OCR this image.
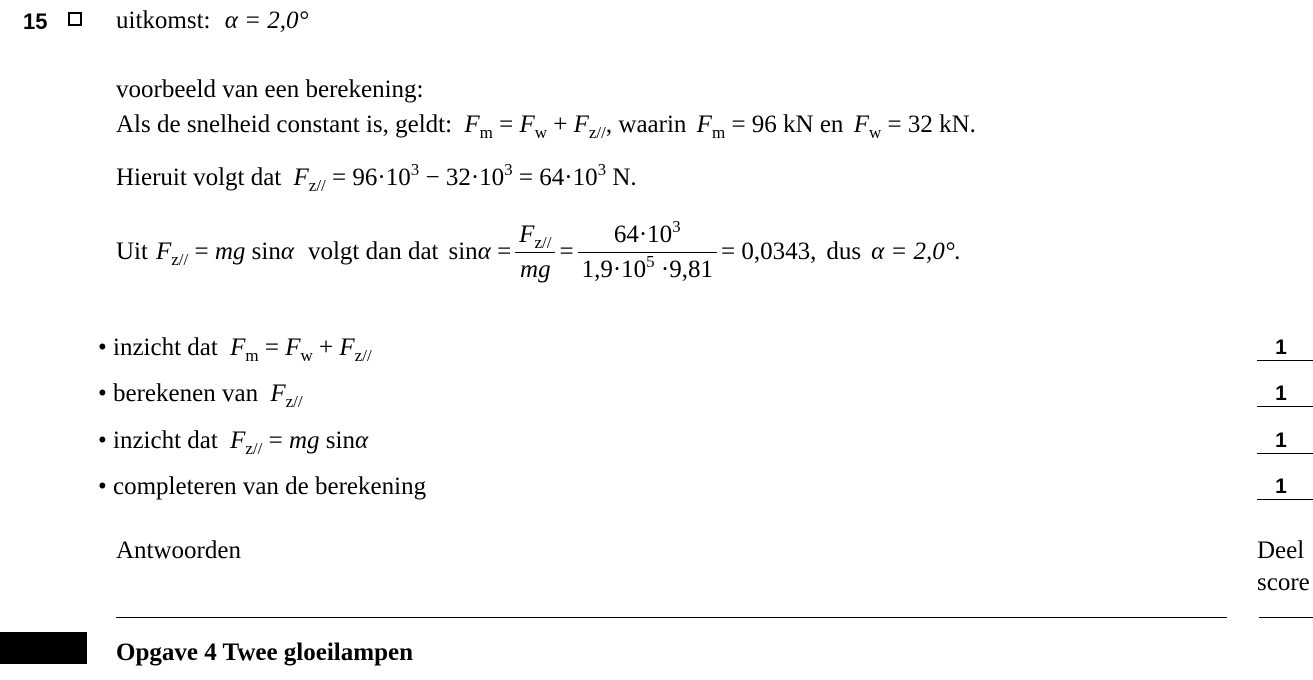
15	uitkomst: α = 2,0°
voorbeeld van een berekening:
Als de snelheid constant is, geldt: $F_m = F_w + F_{z//}$, waarin $F_m = 96$ kN en $F_w = 32$ kN.
Hieruit volgt dat $F_{z//} = 96\cdot 10^3 - 32\cdot 10^3 = 64\cdot 10^3$ N.
Uit $F_{z//}$ = mg sinα volgt dan dat $\sin\alpha = \frac{F_{z//}}{mg} = \frac{64\cdot 10^3}{1,9\cdot 10^5 \cdot 9,81} = 0,0343$, dus α = 2,0°.
• inzicht dat $F_m = F_w + F_{z//}$	1
• berekenen van $F_{z//}$	1
• inzicht dat $F_{z//}$ = mg sinα	1
• completeren van de berekening	1
Antwoorden	Deel
score
Opgave 4 Twee gloeilampen
